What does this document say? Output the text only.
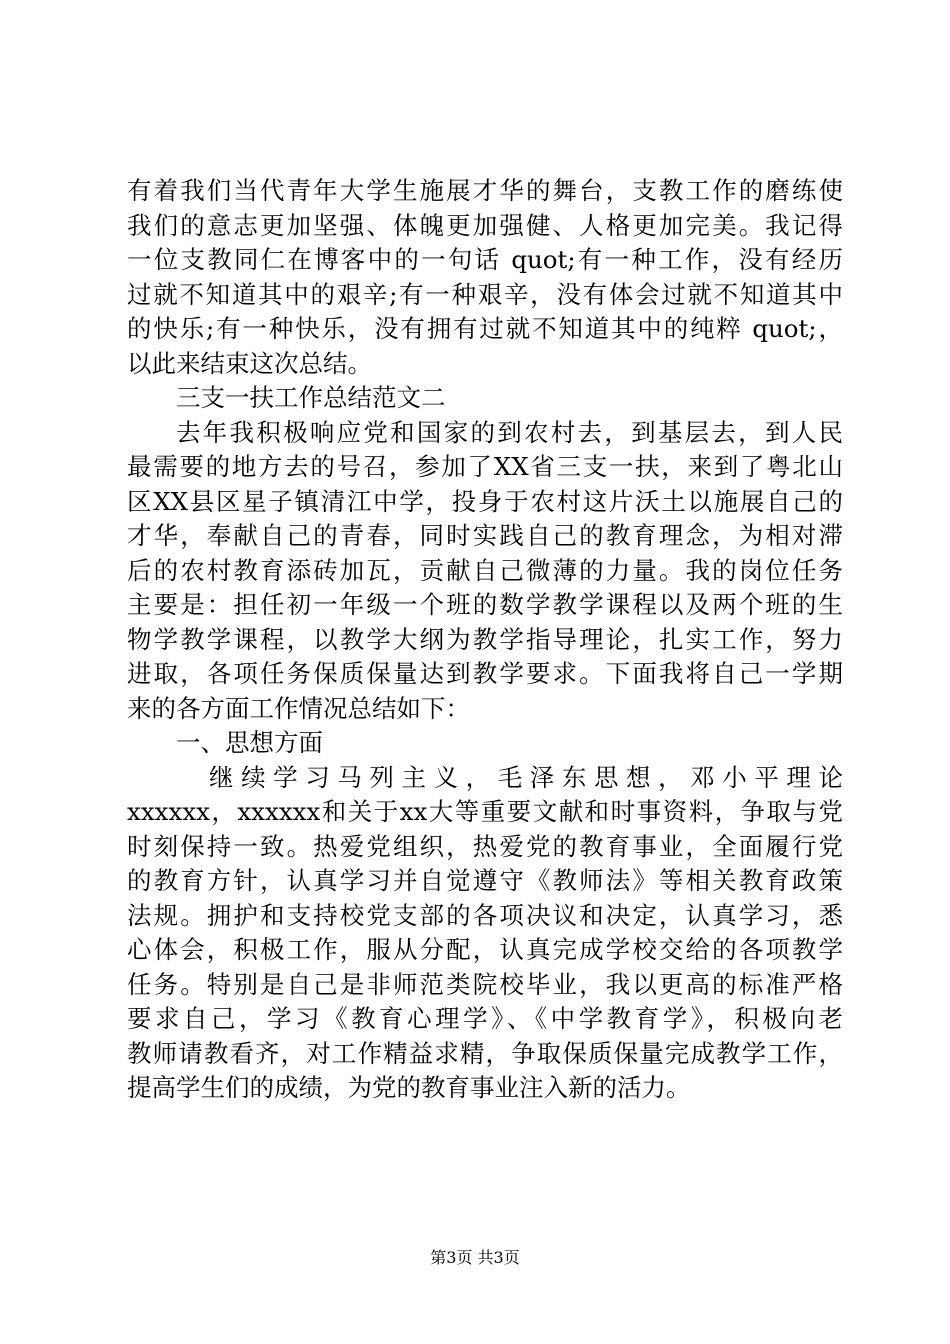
有着我们当代青年大学生施展才华的舞台，支教工作的磨练使
我们的意志更加坚强、体魄更加强健、人格更加完美。我记得
一位支教同仁在博客中的一句话 quot;有一种工作，没有经历
过就不知道其中的艰辛;有一种艰辛，没有体会过就不知道其中
的快乐;有一种快乐，没有拥有过就不知道其中的纯粹 quot;，
以此来结束这次总结。
三支一扶工作总结范文二
去年我积极响应党和国家的到农村去，到基层去，到人民
最需要的地方去的号召，参加了XX省三支一扶，来到了粤北山
区XX县区星子镇清江中学，投身于农村这片沃土以施展自己的
才华，奉献自己的青春，同时实践自己的教育理念，为相对滞
后的农村教育添砖加瓦，贡献自己微薄的力量。我的岗位任务
主要是：担任初一年级一个班的数学教学课程以及两个班的生
物学教学课程，以教学大纲为教学指导理论，扎实工作，努力
进取，各项任务保质保量达到教学要求。下面我将自己一学期
来的各方面工作情况总结如下：
一、思想方面
继续学习马列主义，毛泽东思想，邓小平理论
xxxxxx，xxxxxx和关于xx大等重要文献和时事资料，争取与党
时刻保持一致。热爱党组织，热爱党的教育事业，全面履行党
的教育方针，认真学习并自觉遵守《教师法》等相关教育政策
法规。拥护和支持校党支部的各项决议和决定，认真学习，悉
心体会，积极工作，服从分配，认真完成学校交给的各项教学
任务。特别是自己是非师范类院校毕业，我以更高的标准严格
要求自己，学习《教育心理学》、《中学教育学》，积极向老
教师请教看齐，对工作精益求精，争取保质保量完成教学工作，
提高学生们的成绩，为党的教育事业注入新的活力。
第3页 共3页
